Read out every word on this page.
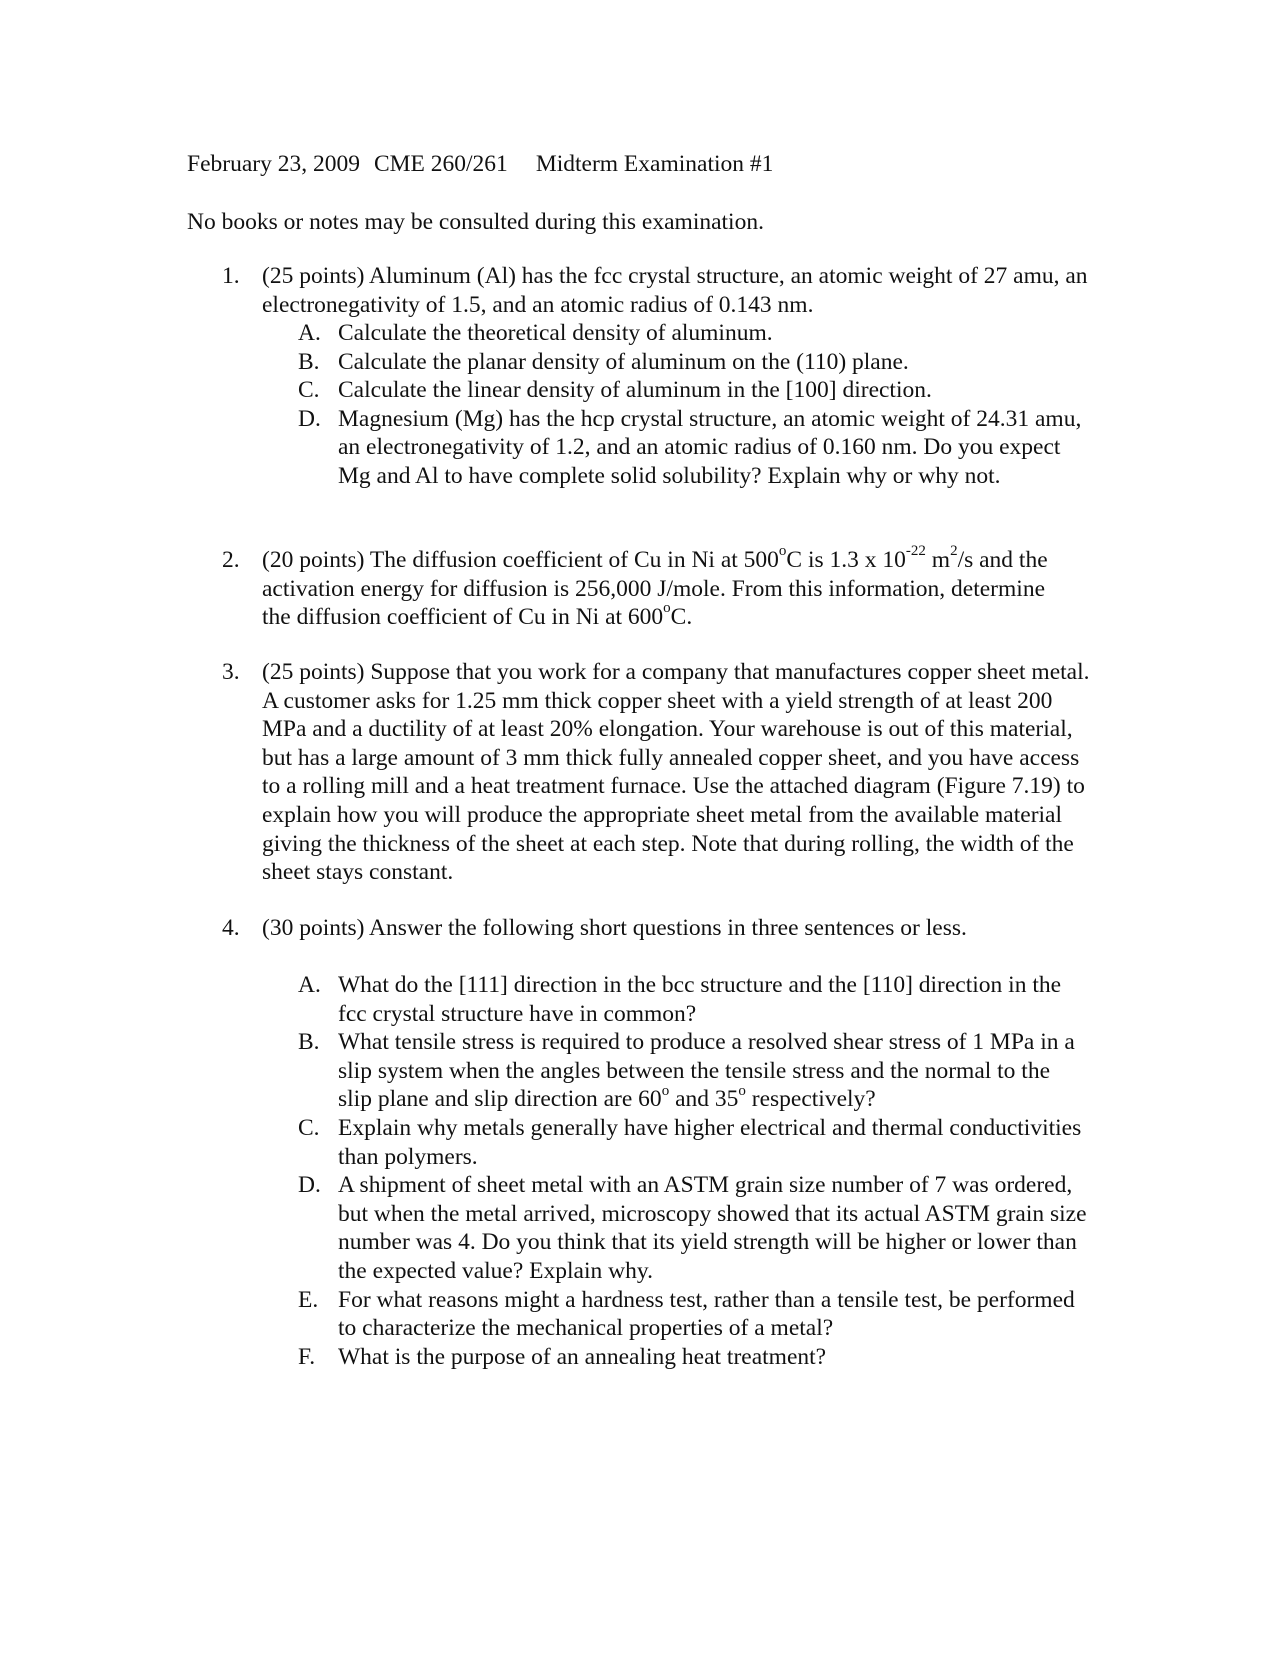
February 23, 2009 CME 260/261 Midterm Examination #1
No books or notes may be consulted during this examination.
1. (25 points) Aluminum (Al) has the fcc crystal structure, an atomic weight of 27 amu, an electronegativity of 1.5, and an atomic radius of 0.143 nm.
A. Calculate the theoretical density of aluminum.
B. Calculate the planar density of aluminum on the (110) plane.
C. Calculate the linear density of aluminum in the [100] direction.
D. Magnesium (Mg) has the hcp crystal structure, an atomic weight of 24.31 amu, an electronegativity of 1.2, and an atomic radius of 0.160 nm. Do you expect Mg and Al to have complete solid solubility? Explain why or why not.
2. (20 points) The diffusion coefficient of Cu in Ni at 500$^o$C is 1.3 x $10^{-22}$ $m^2/s$ and the activation energy for diffusion is 256,000 J/mole. From this information, determine the diffusion coefficient of Cu in Ni at 600$^o$C.
3. (25 points) Suppose that you work for a company that manufactures copper sheet metal. A customer asks for 1.25 mm thick copper sheet with a yield strength of at least 200 MPa and a ductility of at least 20% elongation. Your warehouse is out of this material, but has a large amount of 3 mm thick fully annealed copper sheet, and you have access to a rolling mill and a heat treatment furnace. Use the attached diagram (Figure 7.19) to explain how you will produce the appropriate sheet metal from the available material giving the thickness of the sheet at each step. Note that during rolling, the width of the sheet stays constant.
4. (30 points) Answer the following short questions in three sentences or less.
A. What do the [111] direction in the bcc structure and the [110] direction in the fcc crystal structure have in common?
B. What tensile stress is required to produce a resolved shear stress of 1 MPa in a slip system when the angles between the tensile stress and the normal to the slip plane and slip direction are 60$^o$ and 35$^o$ respectively?
C. Explain why metals generally have higher electrical and thermal conductivities than polymers.
D. A shipment of sheet metal with an ASTM grain size number of 7 was ordered, but when the metal arrived, microscopy showed that its actual ASTM grain size number was 4. Do you think that its yield strength will be higher or lower than the expected value? Explain why.
E. For what reasons might a hardness test, rather than a tensile test, be performed to characterize the mechanical properties of a metal?
F. What is the purpose of an annealing heat treatment?
